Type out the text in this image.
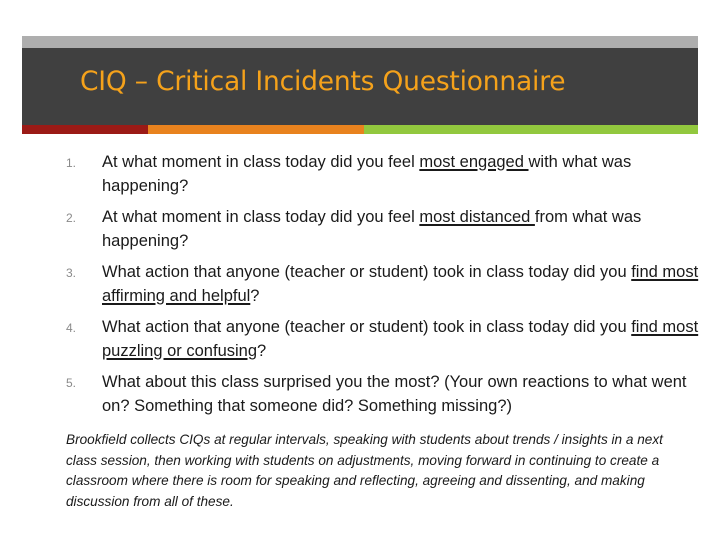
CIQ – Critical Incidents Questionnaire
1. At what moment in class today did you feel most engaged with what was happening?
2. At what moment in class today did you feel most distanced from what was happening?
3. What action that anyone (teacher or student) took in class today did you find most affirming and helpful?
4. What action that anyone (teacher or student) took in class today did you find most puzzling or confusing?
5. What about this class surprised you the most? (Your own reactions to what went on? Something that someone did? Something missing?)

Brookfield collects CIQs at regular intervals, speaking with students about trends / insights in a next class session, then working with students on adjustments, moving forward in continuing to create a classroom where there is room for speaking and reflecting, agreeing and dissenting, and making discussion from all of these.
